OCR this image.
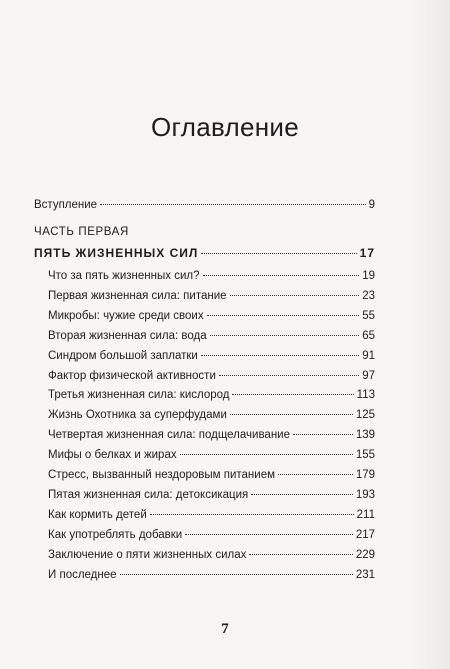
Оглавление
Вступление	9
ЧАСТЬ ПЕРВАЯ
ПЯТЬ ЖИЗНЕННЫХ СИЛ	17
Что за пять жизненных сил?	19
Первая жизненная сила: питание	23
Микробы: чужие среди своих	55
Вторая жизненная сила: вода	65
Синдром большой заплатки	91
Фактор физической активности	97
Третья жизненная сила: кислород	113
Жизнь Охотника за суперфудами	125
Четвертая жизненная сила: подщелачивание	139
Мифы о белках и жирах	155
Стресс, вызванный нездоровым питанием	179
Пятая жизненная сила: детоксикация	193
Как кормить детей	211
Как употреблять добавки	217
Заключение о пяти жизненных силах	229
И последнее	231
7
